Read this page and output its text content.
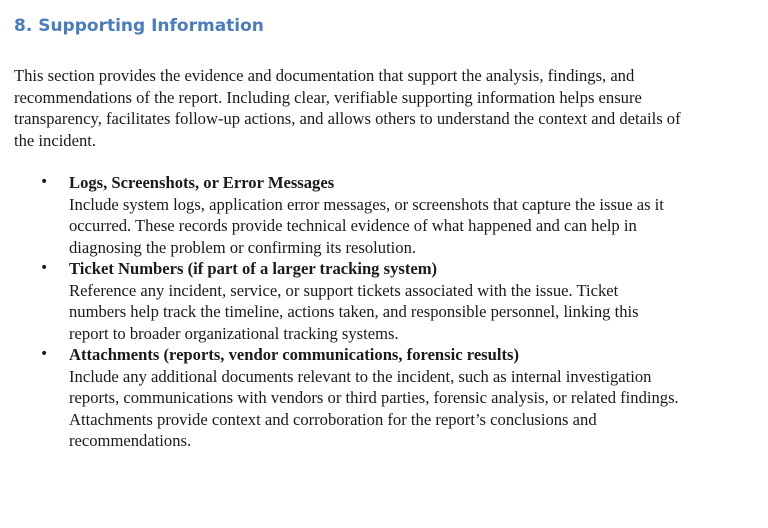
8. Supporting Information

This section provides the evidence and documentation that support the analysis, findings, and recommendations of the report. Including clear, verifiable supporting information helps ensure transparency, facilitates follow-up actions, and allows others to understand the context and details of the incident.

• Logs, Screenshots, or Error Messages
Include system logs, application error messages, or screenshots that capture the issue as it occurred. These records provide technical evidence of what happened and can help in diagnosing the problem or confirming its resolution.
• Ticket Numbers (if part of a larger tracking system)
Reference any incident, service, or support tickets associated with the issue. Ticket numbers help track the timeline, actions taken, and responsible personnel, linking this report to broader organizational tracking systems.
• Attachments (reports, vendor communications, forensic results)
Include any additional documents relevant to the incident, such as internal investigation reports, communications with vendors or third parties, forensic analysis, or related findings. Attachments provide context and corroboration for the report’s conclusions and recommendations.
